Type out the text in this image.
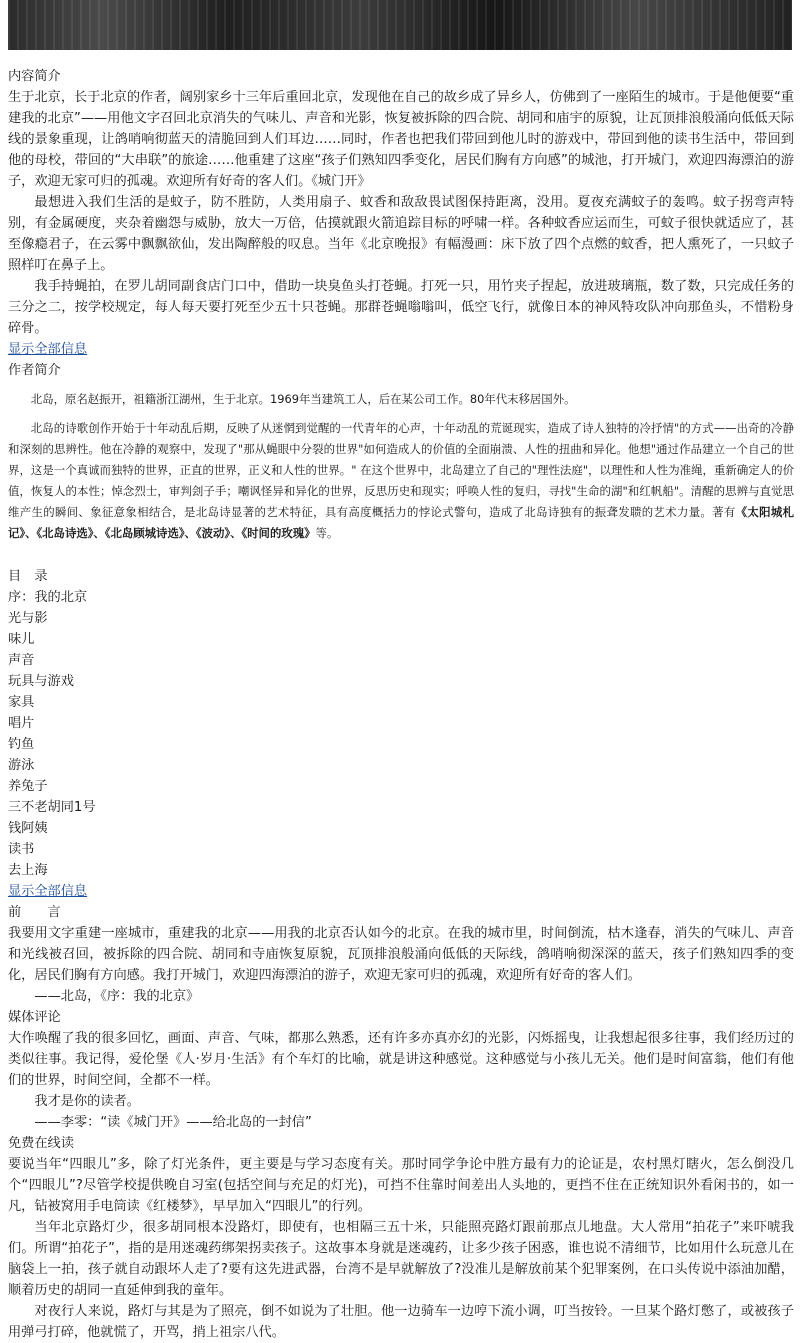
内容简介

生于北京，长于北京的作者，阔别家乡十三年后重回北京，发现他在自己的故乡成了异乡人，仿佛到了一座陌生的城市。于是他便要“重建我的北京”——用他文字召回北京消失的气味儿、声音和光影，恢复被拆除的四合院、胡同和庙宇的原貌，让瓦顶排浪般涌向低低天际线的景象重现，让鸽哨响彻蓝天的清脆回到人们耳边……同时，作者也把我们带回到他儿时的游戏中，带回到他的读书生活中，带回到他的母校，带回的“大串联”的旅途……他重建了这座“孩子们熟知四季变化，居民们胸有方向感”的城池，打开城门，欢迎四海漂泊的游子，欢迎无家可归的孤魂。欢迎所有好奇的客人们。《城门开》

最想进入我们生活的是蚊子，防不胜防，人类用扇子、蚊香和敌敌畏试图保持距离，没用。夏夜充满蚊子的轰鸣。蚊子拐弯声特别，有金属硬度，夹杂着幽怨与威胁，放大一万倍，估摸就跟火箭追踪目标的呼啸一样。各种蚊香应运而生，可蚊子很快就适应了，甚至像瘾君子，在云雾中飘飘欲仙，发出陶醉般的叹息。当年《北京晚报》有幅漫画：床下放了四个点燃的蚊香，把人熏死了，一只蚊子照样叮在鼻子上。

我手持蝇拍，在罗儿胡同副食店门口中，借助一块臭鱼头打苍蝇。打死一只，用竹夹子捏起，放进玻璃瓶，数了数，只完成任务的三分之二，按学校规定，每人每天要打死至少五十只苍蝇。那群苍蝇嗡嗡叫，低空飞行，就像日本的神风特攻队冲向那鱼头，不惜粉身碎骨。

显示全部信息

作者简介

北岛，原名赵振开，祖籍浙江湖州，生于北京。1969年当建筑工人，后在某公司工作。80年代末移居国外。

北岛的诗歌创作开始于十年动乱后期，反映了从迷惘到觉醒的一代青年的心声，十年动乱的荒诞现实，造成了诗人独特的冷抒情"的方式——出奇的冷静和深刻的思辨性。他在冷静的观察中，发现了"那从蝇眼中分裂的世界"如何造成人的价值的全面崩溃、人性的扭曲和异化。他想"通过作品建立一个自己的世界，这是一个真诚而独特的世界，正直的世界，正义和人性的世界。" 在这个世界中，北岛建立了自己的"理性法庭"，以理性和人性为准绳，重新确定人的价值，恢复人的本性；悼念烈士，审判刽子手；嘲讽怪异和异化的世界，反思历史和现实；呼唤人性的复归，寻找"生命的湖"和红帆船"。清醒的思辨与直觉思维产生的瞬间、象征意象相结合，是北岛诗显著的艺术特征，具有高度概括力的悖论式警句，造成了北岛诗独有的振聋发聩的艺术力量。著有《太阳城札记》、《北岛诗选》、《北岛顾城诗选》、《波动》、《时间的玫瑰》等。

目　录

序：我的北京
光与影
味儿
声音
玩具与游戏
家具
唱片
钓鱼
游泳
养兔子
三不老胡同1号
钱阿姨
读书
去上海

显示全部信息

前　　言

我要用文字重建一座城市，重建我的北京——用我的北京否认如今的北京。在我的城市里，时间倒流，枯木逢春，消失的气味儿、声音和光线被召回，被拆除的四合院、胡同和寺庙恢复原貌，瓦顶排浪般涌向低低的天际线，鸽哨响彻深深的蓝天，孩子们熟知四季的变化，居民们胸有方向感。我打开城门，欢迎四海漂泊的游子，欢迎无家可归的孤魂，欢迎所有好奇的客人们。

——北岛，《序：我的北京》

媒体评论

大作唤醒了我的很多回忆，画面、声音、气味，都那么熟悉，还有许多亦真亦幻的光影，闪烁摇曳，让我想起很多往事，我们经历过的类似往事。我记得，爱伦堡《人·岁月·生活》有个车灯的比喻，就是讲这种感觉。这种感觉与小孩儿无关。他们是时间富翁，他们有他们的世界，时间空间，全都不一样。

我才是你的读者。

——李零：“读《城门开》——给北岛的一封信”

免费在线读

要说当年“四眼儿”多，除了灯光条件，更主要是与学习态度有关。那时同学争论中胜方最有力的论证是，农村黑灯瞎火，怎么倒没几个“四眼儿”?尽管学校提供晚自习室(包括空间与充足的灯光)，可挡不住靠时间差出人头地的，更挡不住在正统知识外看闲书的，如一凡，钻被窝用手电筒读《红楼梦》，早早加入“四眼儿”的行列。

当年北京路灯少，很多胡同根本没路灯，即使有，也相隔三五十米，只能照亮路灯跟前那点儿地盘。大人常用“拍花子”来吓唬我们。所谓“拍花子”，指的是用迷魂药绑架拐卖孩子。这故事本身就是迷魂药，让多少孩子困惑，谁也说不清细节，比如用什么玩意儿在脑袋上一拍，孩子就自动跟坏人走了?要有这先进武器，台湾不是早就解放了?没准儿是解放前某个犯罪案例，在口头传说中添油加醋，顺着历史的胡同一直延伸到我的童年。

对夜行人来说，路灯与其是为了照亮，倒不如说为了壮胆。他一边骑车一边哼下流小调，叮当按铃。一旦某个路灯憋了，或被孩子用弹弓打碎，他就慌了，开骂，捎上祖宗八代。
